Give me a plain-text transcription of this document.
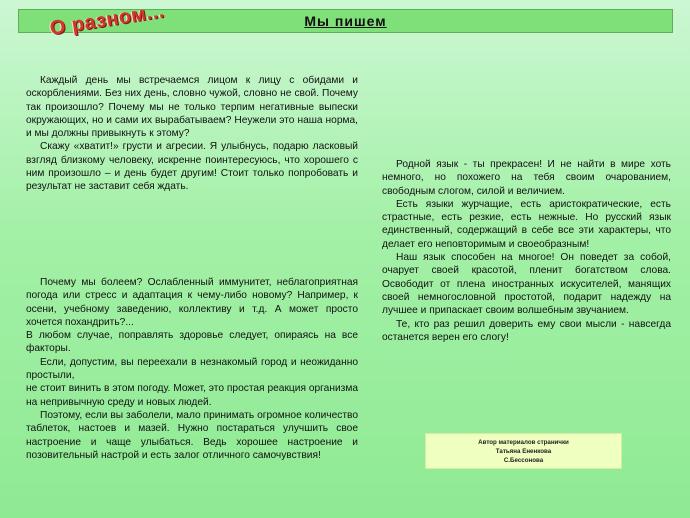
Мы пишем
О разном...

Каждый день мы встречаемся лицом к лицу с обидами и оскорблениями. Без них день, словно чужой, словно не свой. Почему так произошло? Почему мы не только терпим негативные выпески окружающих, но и сами их вырабатываем? Неужели это наша норма, и мы должны привыкнуть к этому?

Скажу «хватит!» грусти и агресии. Я улыбнусь, подарю ласковый взгляд близкому человеку, искренне поинтересуюсь, что хорошего с ним произошло – и день будет другим! Стоит только попробовать и результат не заставит себя ждать.

Почему мы болеем? Ослабленный иммунитет, неблагоприятная погода или стресс и адаптация к чему-либо новому? Например, к осени, учебному заведению, коллективу и т.д. А может просто хочется похандрить?...

В любом случае, поправлять здоровье следует, опираясь на все факторы.

Если, допустим, вы переехали в незнакомый город и неожиданно простыли,

не стоит винить в этом погоду. Может, это простая реакция организма на непривычную среду и новых людей.

Поэтому, если вы заболели, мало принимать огромное количество таблеток, настоев и мазей. Нужно постараться улучшить свое настроение и чаще улыбаться. Ведь хорошее настроение и позовительный настрой и есть залог отличного самочувствия!

Родной язык - ты прекрасен! И не найти в мире хоть немного, но похожего на тебя своим очарованием, свободным слогом, силой и величием.

Есть языки журчащие, есть аристократические, есть страстные, есть резкие, есть нежные. Но русский язык единственный, содержащий в себе все эти характеры, что делает его неповторимым и своеобразным!

Наш язык способен на многое! Он поведет за собой, очарует своей красотой, пленит богатством слова. Освободит от плена иностранных искусителей, манящих своей немногословной простотой, подарит надежду на лучшее и припаскает своим волшебным звучанием.

Те, кто раз решил доверить ему свои мысли - навсегда останется верен его слогу!

Автор материалов странички
Татьяна Ененкова
С.Бессонова
